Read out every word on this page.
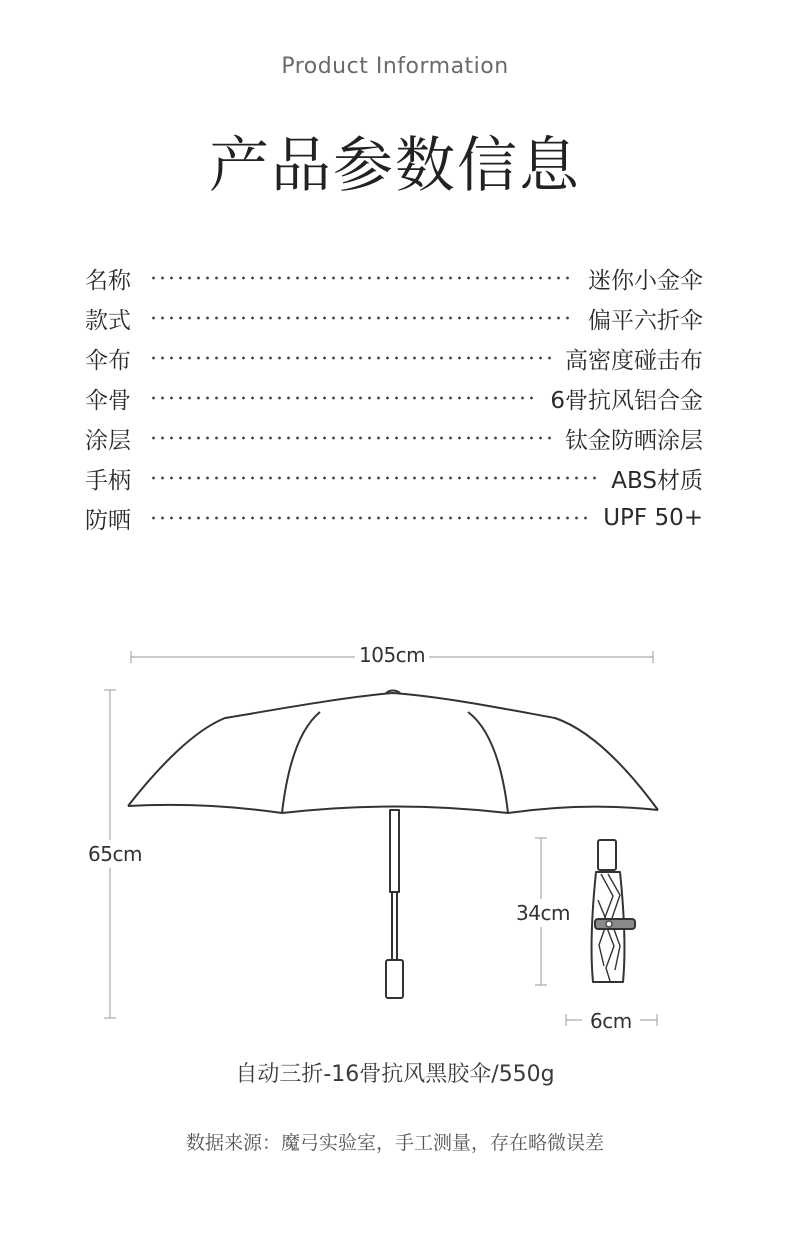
Product Information
产品参数信息
名称	迷你小金伞
款式	偏平六折伞
伞布	高密度碰击布
伞骨	6骨抗风铝合金
涂层	钛金防晒涂层
手柄	ABS材质
防晒	UPF 50+
105cm
65cm
34cm
6cm
自动三折-16骨抗风黑胶伞/550g
数据来源：魔弓实验室，手工测量，存在略微误差
